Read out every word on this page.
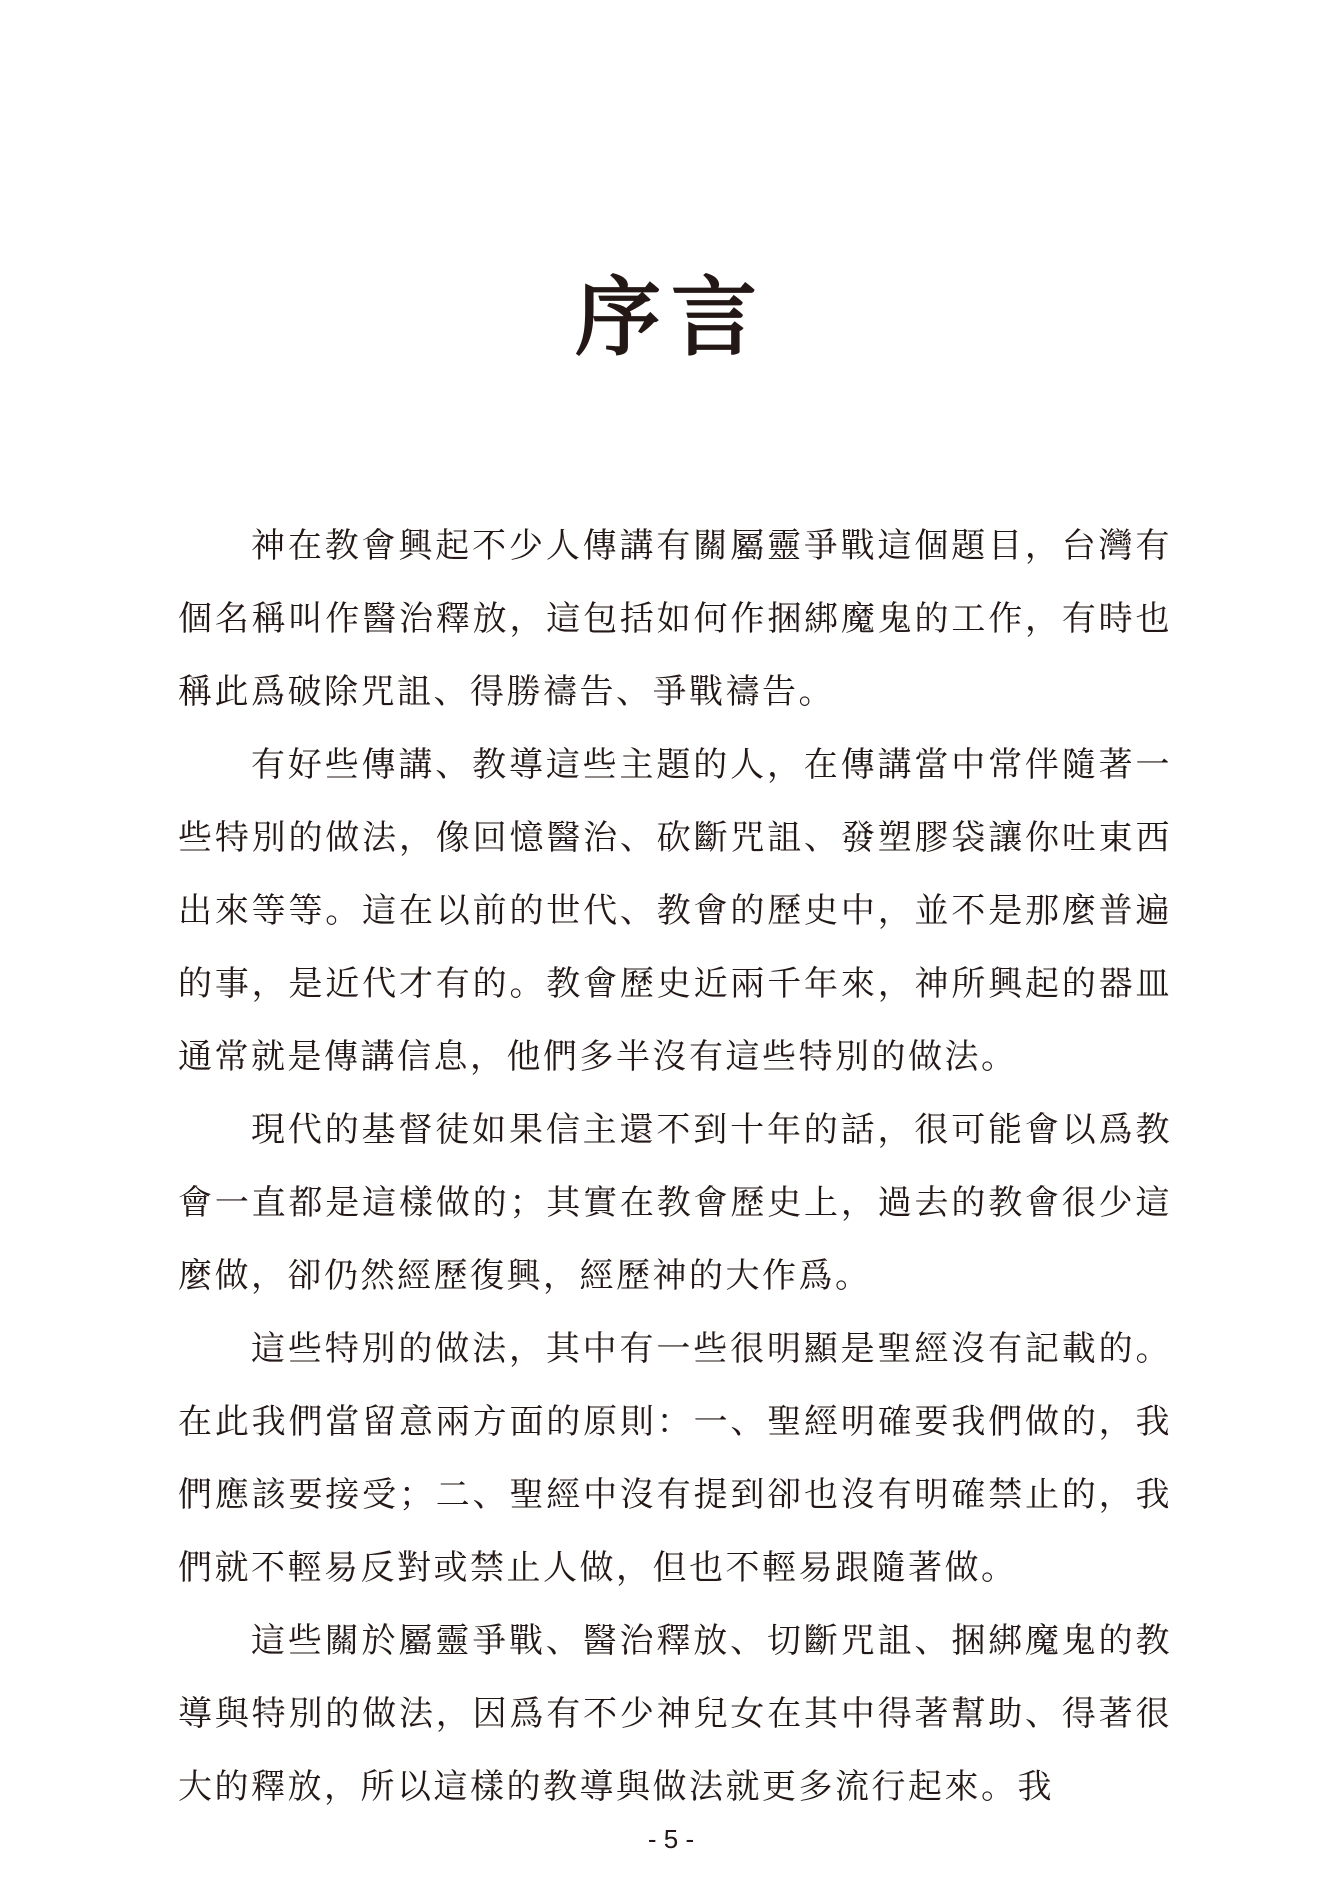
序言

神在教會興起不少人傳講有關屬靈爭戰這個題目，台灣有個名稱叫作醫治釋放，這包括如何作捆綁魔鬼的工作，有時也稱此爲破除咒詛、得勝禱告、爭戰禱告。

有好些傳講、教導這些主題的人，在傳講當中常伴隨著一些特別的做法，像回憶醫治、砍斷咒詛、發塑膠袋讓你吐東西出來等等。這在以前的世代、教會的歷史中，並不是那麼普遍的事，是近代才有的。教會歷史近兩千年來，神所興起的器皿通常就是傳講信息，他們多半沒有這些特別的做法。

現代的基督徒如果信主還不到十年的話，很可能會以爲教會一直都是這樣做的；其實在教會歷史上，過去的教會很少這麼做，卻仍然經歷復興，經歷神的大作爲。

這些特別的做法，其中有一些很明顯是聖經沒有記載的。在此我們當留意兩方面的原則：一、聖經明確要我們做的，我們應該要接受；二、聖經中沒有提到卻也沒有明確禁止的，我們就不輕易反對或禁止人做，但也不輕易跟隨著做。

這些關於屬靈爭戰、醫治釋放、切斷咒詛、捆綁魔鬼的教導與特別的做法，因爲有不少神兒女在其中得著幫助、得著很大的釋放，所以這樣的教導與做法就更多流行起來。我

- 5 -
